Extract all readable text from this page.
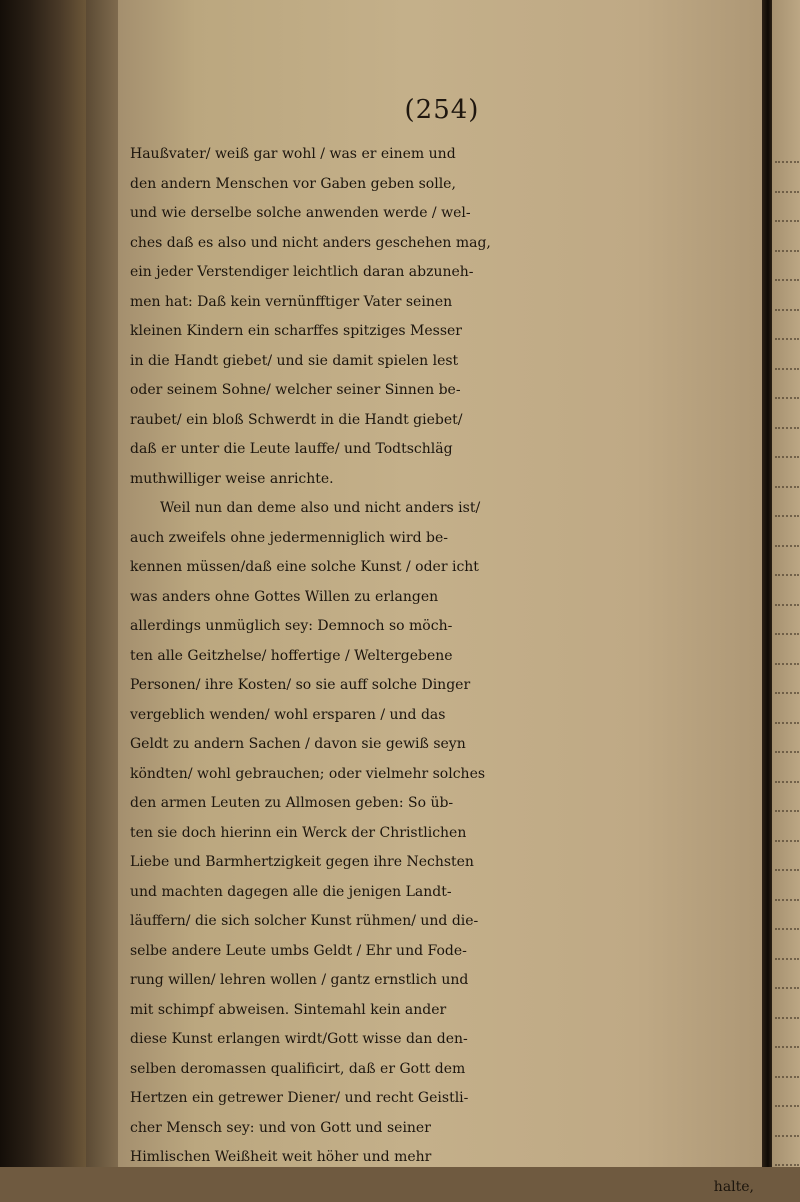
(254)
Haußvater/ weiß gar wohl / was er einem und
den andern Menschen vor Gaben geben solle,
und wie derselbe solche anwenden werde / wel-
ches daß es also und nicht anders geschehen mag,
ein jeder Verstendiger leichtlich daran abzuneh-
men hat: Daß kein vernünfftiger Vater seinen
kleinen Kindern ein scharffes spitziges Messer
in die Handt giebet/ und sie damit spielen lest
oder seinem Sohne/ welcher seiner Sinnen be-
raubet/ ein bloß Schwerdt in die Handt giebet/
daß er unter die Leute lauffe/ und Todtschläg
muthwilliger weise anrichte.
Weil nun dan deme also und nicht anders ist/
auch zweifels ohne jedermenniglich wird be-
kennen müssen/daß eine solche Kunst / oder icht
was anders ohne Gottes Willen zu erlangen
allerdings unmüglich sey: Demnoch so möch-
ten alle Geitzhelse/ hoffertige / Weltergebene
Personen/ ihre Kosten/ so sie auff solche Dinger
vergeblich wenden/ wohl ersparen / und das
Geldt zu andern Sachen / davon sie gewiß seyn
köndten/ wohl gebrauchen; oder vielmehr solches
den armen Leuten zu Allmosen geben: So üb-
ten sie doch hierinn ein Werck der Christlichen
Liebe und Barmhertzigkeit gegen ihre Nechsten
und machten dagegen alle die jenigen Landt-
läuffern/ die sich solcher Kunst rühmen/ und die-
selbe andere Leute umbs Geldt / Ehr und Fode-
rung willen/ lehren wollen / gantz ernstlich und
mit schimpf abweisen. Sintemahl kein ander
diese Kunst erlangen wirdt/Gott wisse dan den-
selben deromassen qualificirt, daß er Gott dem
Hertzen ein getrewer Diener/ und recht Geistli-
cher Mensch sey: und von Gott und seiner
Himlischen Weißheit weit höher und mehr
halte,
